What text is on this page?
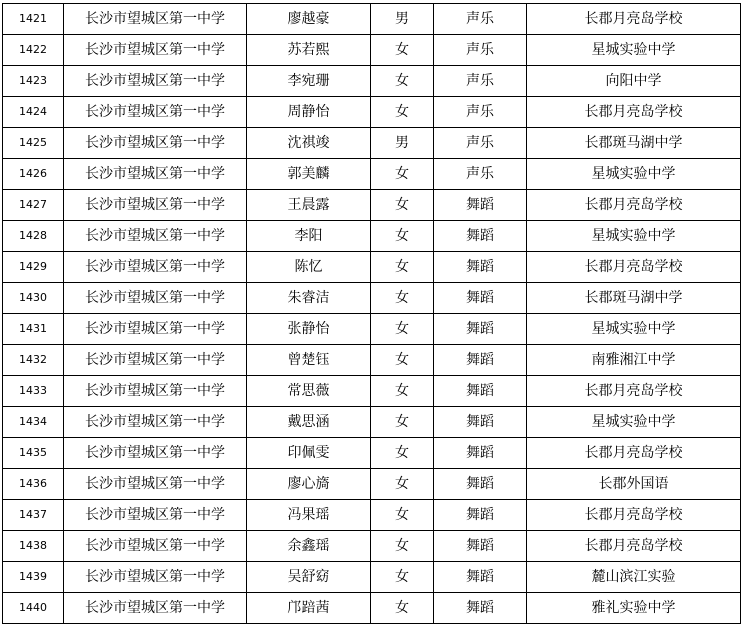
1421	长沙市望城区第一中学	廖越豪	男	声乐	长郡月亮岛学校
1422	长沙市望城区第一中学	苏若熙	女	声乐	星城实验中学
1423	长沙市望城区第一中学	李宛珊	女	声乐	向阳中学
1424	长沙市望城区第一中学	周静怡	女	声乐	长郡月亮岛学校
1425	长沙市望城区第一中学	沈祺竣	男	声乐	长郡斑马湖中学
1426	长沙市望城区第一中学	郭美麟	女	声乐	星城实验中学
1427	长沙市望城区第一中学	王晨露	女	舞蹈	长郡月亮岛学校
1428	长沙市望城区第一中学	李阳	女	舞蹈	星城实验中学
1429	长沙市望城区第一中学	陈忆	女	舞蹈	长郡月亮岛学校
1430	长沙市望城区第一中学	朱睿洁	女	舞蹈	长郡斑马湖中学
1431	长沙市望城区第一中学	张静怡	女	舞蹈	星城实验中学
1432	长沙市望城区第一中学	曾楚钰	女	舞蹈	南雅湘江中学
1433	长沙市望城区第一中学	常思薇	女	舞蹈	长郡月亮岛学校
1434	长沙市望城区第一中学	戴思涵	女	舞蹈	星城实验中学
1435	长沙市望城区第一中学	印佩雯	女	舞蹈	长郡月亮岛学校
1436	长沙市望城区第一中学	廖心旖	女	舞蹈	长郡外国语
1437	长沙市望城区第一中学	冯果瑶	女	舞蹈	长郡月亮岛学校
1438	长沙市望城区第一中学	余鑫瑶	女	舞蹈	长郡月亮岛学校
1439	长沙市望城区第一中学	吴舒窈	女	舞蹈	麓山滨江实验
1440	长沙市望城区第一中学	邝踣茜	女	舞蹈	雅礼实验中学
